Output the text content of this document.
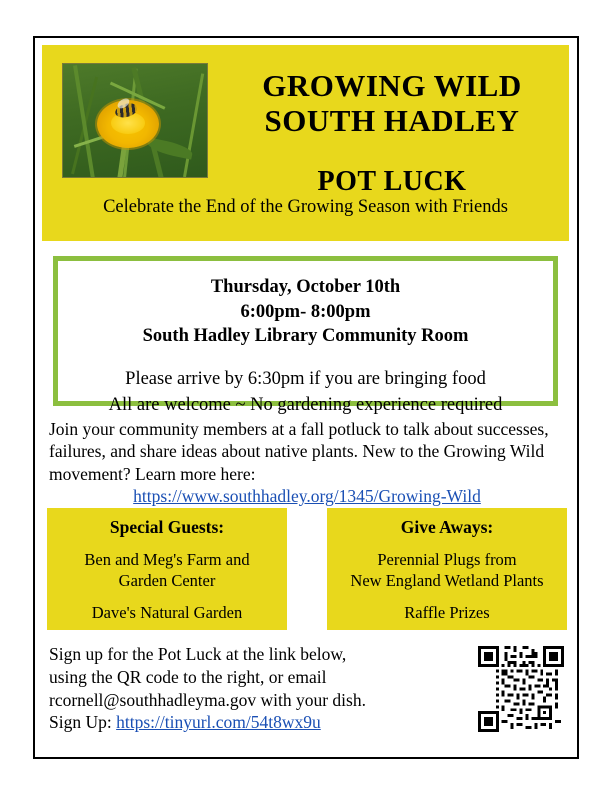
GROWING WILD
SOUTH HADLEY
POT LUCK
Celebrate the End of the Growing Season with Friends
Thursday, October 10th
6:00pm- 8:00pm
South Hadley Library Community Room
Please arrive by 6:30pm if you are bringing food
All are welcome ~ No gardening experience required
Join your community members at a fall potluck to talk about successes, failures, and share ideas about native plants. New to the Growing Wild movement? Learn more here:
https://www.southhadley.org/1345/Growing-Wild
Special Guests:
Ben and Meg's Farm and
Garden Center
Dave's Natural Garden
Give Aways:
Perennial Plugs from
New England Wetland Plants
Raffle Prizes
Sign up for the Pot Luck at the link below,
using the QR code to the right, or email
rcornell@southhadleyma.gov with your dish.
Sign Up: https://tinyurl.com/54t8wx9u
